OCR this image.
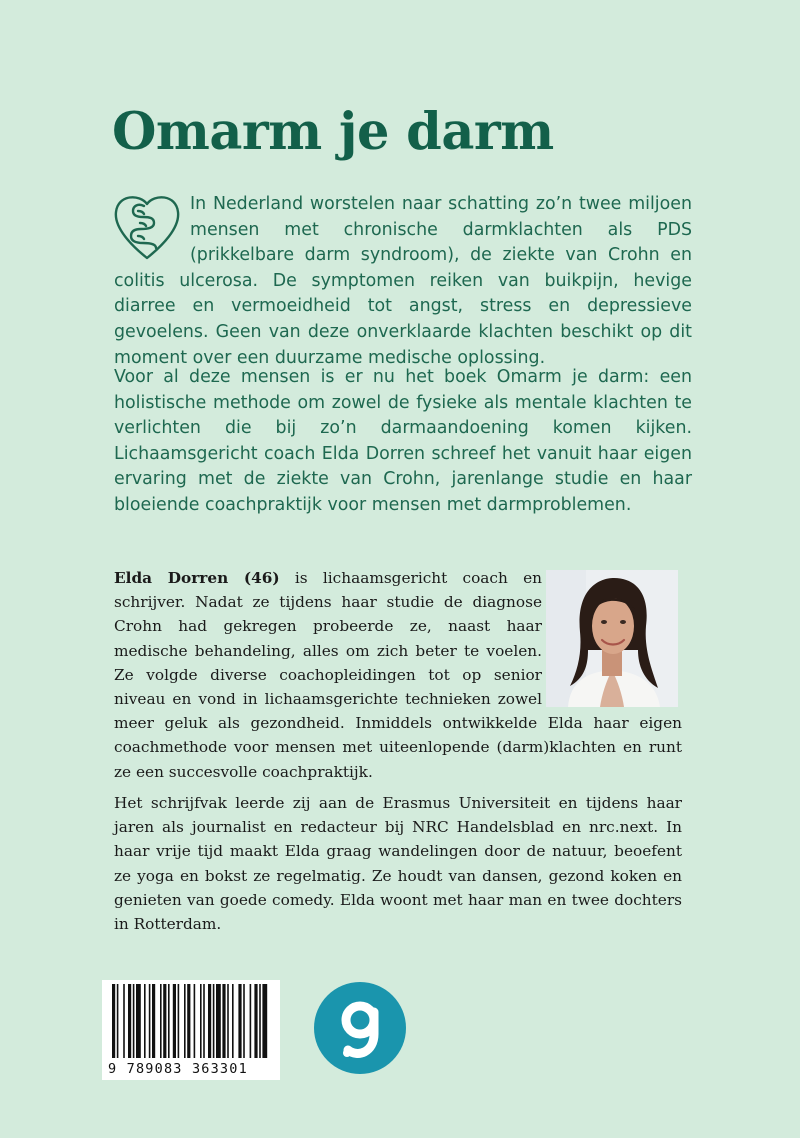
Omarm je darm

In Nederland worstelen naar schatting zo’n twee miljoen mensen met chronische darmklachten als PDS (prikkelbare darm syndroom), de ziekte van Crohn en colitis ulcerosa. De symptomen reiken van buikpijn, hevige diarree en vermoeidheid tot angst, stress en depressieve gevoelens. Geen van deze onverklaarde klachten beschikt op dit moment over een duurzame medische oplossing.

Voor al deze mensen is er nu het boek Omarm je darm: een holistische methode om zowel de fysieke als mentale klachten te verlichten die bij zo’n darmaandoening komen kijken. Lichaamsgericht coach Elda Dorren schreef het vanuit haar eigen ervaring met de ziekte van Crohn, jarenlange studie en haar bloeiende coachpraktijk voor mensen met darmproblemen.

Elda Dorren (46) is lichaamsgericht coach en schrijver. Nadat ze tijdens haar studie de diagnose Crohn had gekregen probeerde ze, naast haar medische behandeling, alles om zich beter te voelen. Ze volgde diverse coachopleidingen tot op senior niveau en vond in lichaamsgerichte technieken zowel meer geluk als gezondheid. Inmiddels ontwikkelde Elda haar eigen coachmethode voor mensen met uiteenlopende (darm)klachten en runt ze een succesvolle coachpraktijk.

Het schrijfvak leerde zij aan de Erasmus Universiteit en tijdens haar jaren als journalist en redacteur bij NRC Handelsblad en nrc.next. In haar vrije tijd maakt Elda graag wandelingen door de natuur, beoefent ze yoga en bokst ze regelmatig. Ze houdt van dansen, gezond koken en genieten van goede comedy. Elda woont met haar man en twee dochters in Rotterdam.

9 789083 363301
